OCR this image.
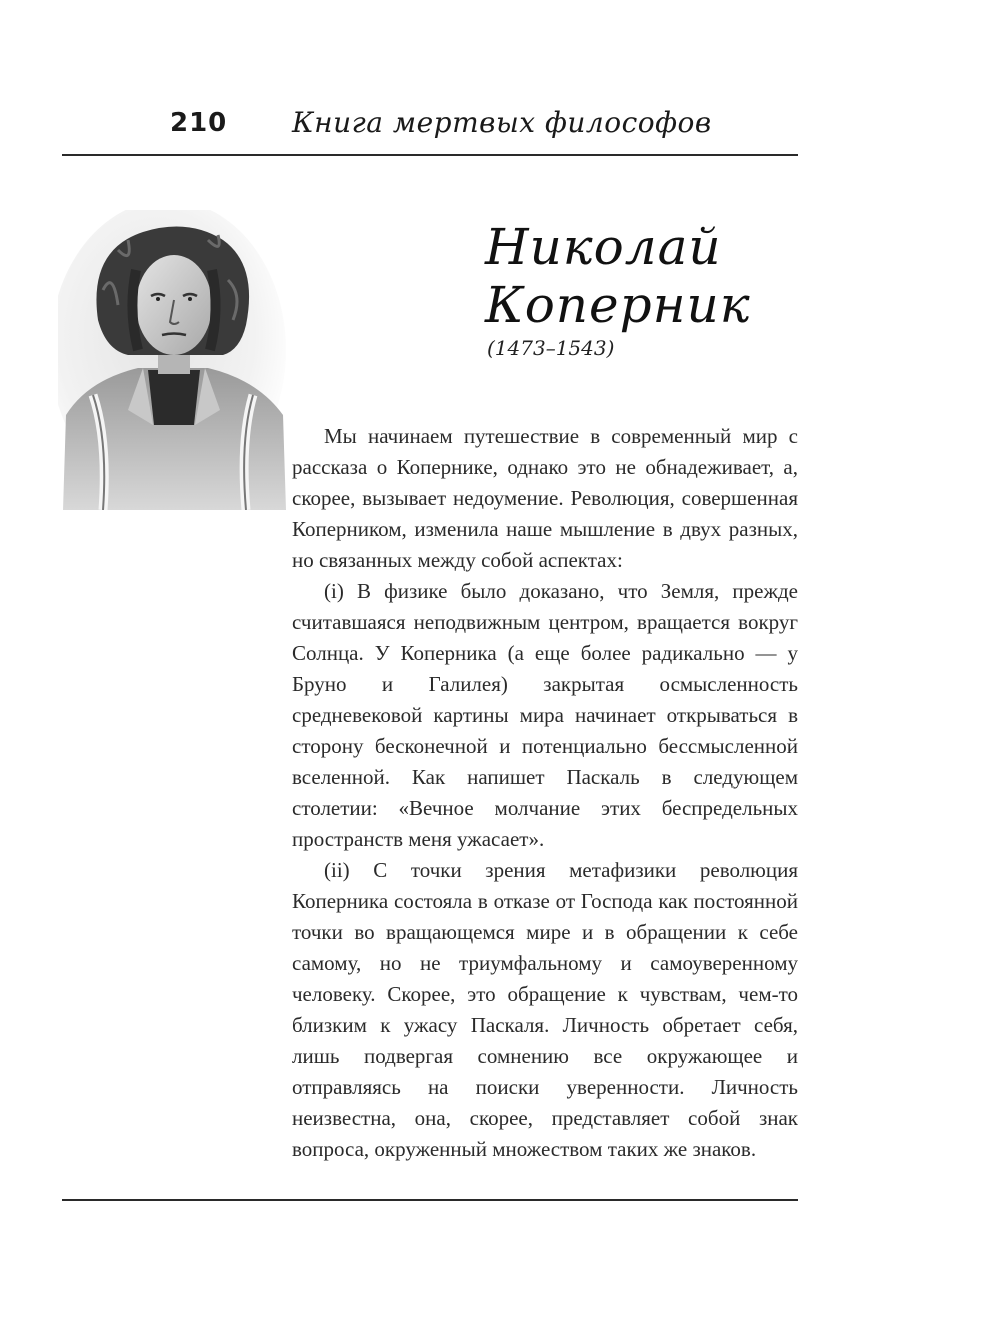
210 Книга мертвых философов
Николай
Коперник
(1473–1543)

Мы начинаем путешествие в современный мир с рассказа о Копернике, однако это не обнадеживает, а, скорее, вызывает недоумение. Революция, совершенная Коперником, изменила наше мышление в двух разных, но связанных между собой аспектах:

(i) В физике было доказано, что Земля, прежде считавшаяся неподвижным центром, вращается вокруг Солнца. У Коперника (а еще более радикально — у Бруно и Галилея) закрытая осмысленность средневековой картины мира начинает открываться в сторону бесконечной и потенциально бессмысленной вселенной. Как напишет Паскаль в следующем столетии: «Вечное молчание этих беспредельных пространств меня ужасает».

(ii) С точки зрения метафизики революция Коперника состояла в отказе от Господа как постоянной точки во вращающемся мире и в обращении к себе самому, но не триумфальному и самоуверенному человеку. Скорее, это обращение к чувствам, чем-то близким к ужасу Паскаля. Личность обретает себя, лишь подвергая сомнению все окружающее и отправляясь на поиски уверенности. Личность неизвестна, она, скорее, представляет собой знак вопроса, окруженный множеством таких же знаков.
